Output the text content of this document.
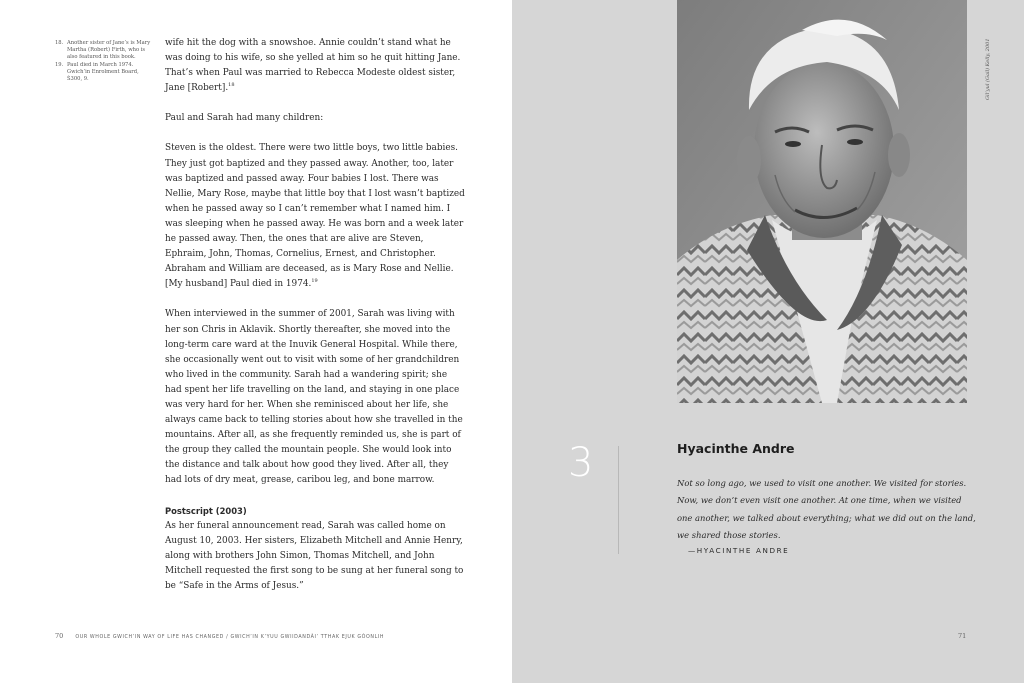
18. Another sister of Jane’s is Mary Martha (Robert) Firth, who is also featured in this book.
19. Paul died in March 1974. Gwich’in Enrolment Board, Ṡ300, 9.

wife hit the dog with a snowshoe. Annie couldn’t stand what he was doing to his wife, so she yelled at him so he quit hitting Jane. That’s when Paul was married to Rebecca Modeste oldest sister, Jane [Robert].$^{18}$

Paul and Sarah had many children:

Steven is the oldest. There were two little boys, two little babies. They just got baptized and they passed away. Another, too, later was baptized and passed away. Four babies I lost. There was Nellie, Mary Rose, maybe that little boy that I lost wasn’t baptized when he passed away so I can’t remember what I named him. I was sleeping when he passed away. He was born and a week later he passed away. Then, the ones that are alive are Steven, Ephraim, John, Thomas, Cornelius, Ernest, and Christopher. Abraham and William are deceased, as is Mary Rose and Nellie. [My husband] Paul died in 1974.19

When interviewed in the summer of 2001, Sarah was living with her son Chris in Aklavik. Shortly thereafter, she moved into the long-term care ward at the Inuvik General Hospital. While there, she occasionally went out to visit with some of her grandchildren who lived in the community. Sarah had a wandering spirit; she had spent her life travelling on the land, and staying in one place was very hard for her. When she reminisced about her life, she always came back to telling stories about how she travelled in the mountains. After all, as she frequently reminded us, she is part of the group they called the mountain people. She would look into the distance and talk about how good they lived. After all, they had lots of dry meat, grease, caribou leg, and bone marrow.

Postscript (2003)

As her funeral announcement read, Sarah was called home on August 10, 2003. Her sisters, Elizabeth Mitchell and Annie Henry, along with brothers John Simon, Thomas Mitchell, and John Mitchell requested the first song to be sung at her funeral song to be “Safe in the Arms of Jesus.”

70	OUR WHOLE GWICH’IN WAY OF LIFE HAS CHANGED / GWICH’IN K’YUU GWIIDANDÀI’ TTHAK EJUK GÒONLIH
Gil’yul (Gail) Kelly, 2001
3	Hyacinthe Andre
Not so long ago, we used to visit one another. We visited for stories. Now, we don’t even visit one another. At one time, when we visited one another, we talked about everything; what we did out on the land, we shared those stories.
—HYACINTHE ANDRE
71
